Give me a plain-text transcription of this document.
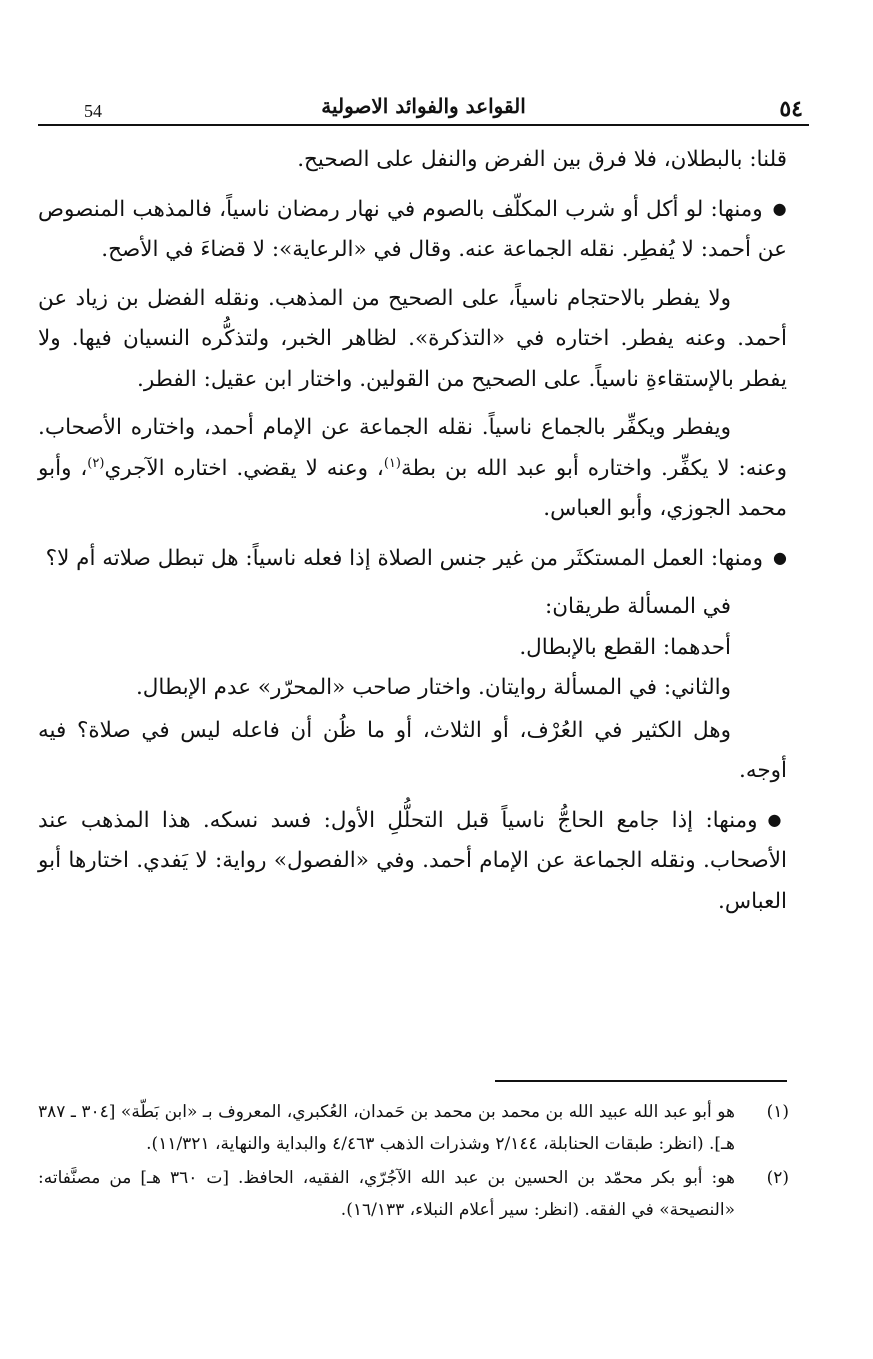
٥٤
القواعد والفوائد الاصولية
54

قلنا: بالبطلان، فلا فرق بين الفرض والنفل على الصحيح.

● ومنها: لو أكل أو شرب المكلّف بالصوم في نهار رمضان ناسياً، فالمذهب المنصوص عن أحمد: لا يُفطِر. نقله الجماعة عنه. وقال في «الرعاية»: لا قضاءَ في الأصح.

ولا يفطر بالاحتجام ناسياً، على الصحيح من المذهب. ونقله الفضل بن زياد عن أحمد. وعنه يفطر. اختاره في «التذكرة». لظاهر الخبر، ولتذكُّره النسيان فيها. ولا يفطر بالإستقاءةِ ناسياً. على الصحيح من القولين. واختار ابن عقيل: الفطر.

ويفطر ويكفِّر بالجماع ناسياً. نقله الجماعة عن الإمام أحمد، واختاره الأصحاب. وعنه: لا يكفِّر. واختاره أبو عبد الله بن بطة$^{(١)}$، وعنه لا يقضي. اختاره الآجري$^{(٢)}$، وأبو محمد الجوزي، وأبو العباس.

● ومنها: العمل المستكثَر من غير جنس الصلاة إذا فعله ناسياً: هل تبطل صلاته أم لا؟

في المسألة طريقان:

أحدهما: القطع بالإبطال.

والثاني: في المسألة روايتان. واختار صاحب «المحرّر» عدم الإبطال.

وهل الكثير في العُرْف، أو الثلاث، أو ما ظُن أن فاعله ليس في صلاة؟ فيه أوجه.

● ومنها: إذا جامع الحاجُّ ناسياً قبل التحلُّلِ الأول: فسد نسكه. هذا المذهب عند الأصحاب. ونقله الجماعة عن الإمام أحمد. وفي «الفصول» رواية: لا يَفدي. اختارها أبو العباس.

(١)
هو أبو عبد الله عبيد الله بن محمد بن محمد بن حَمدان، العُكبري، المعروف بـ «ابن بَطّة» [٣٠٤ ـ ٣٨٧ هـ]. (انظر: طبقات الحنابلة، ٢/١٤٤ وشذرات الذهب ٤/٤٦٣ والبداية والنهاية، ١١/٣٢١).
(٢)
هو: أبو بكر محمّد بن الحسين بن عبد الله الآجُرّي، الفقيه، الحافظ. [ت ٣٦٠ هـ] من مصنَّفاته: «النصيحة» في الفقه. (انظر: سير أعلام النبلاء، ١٦/١٣٣).
